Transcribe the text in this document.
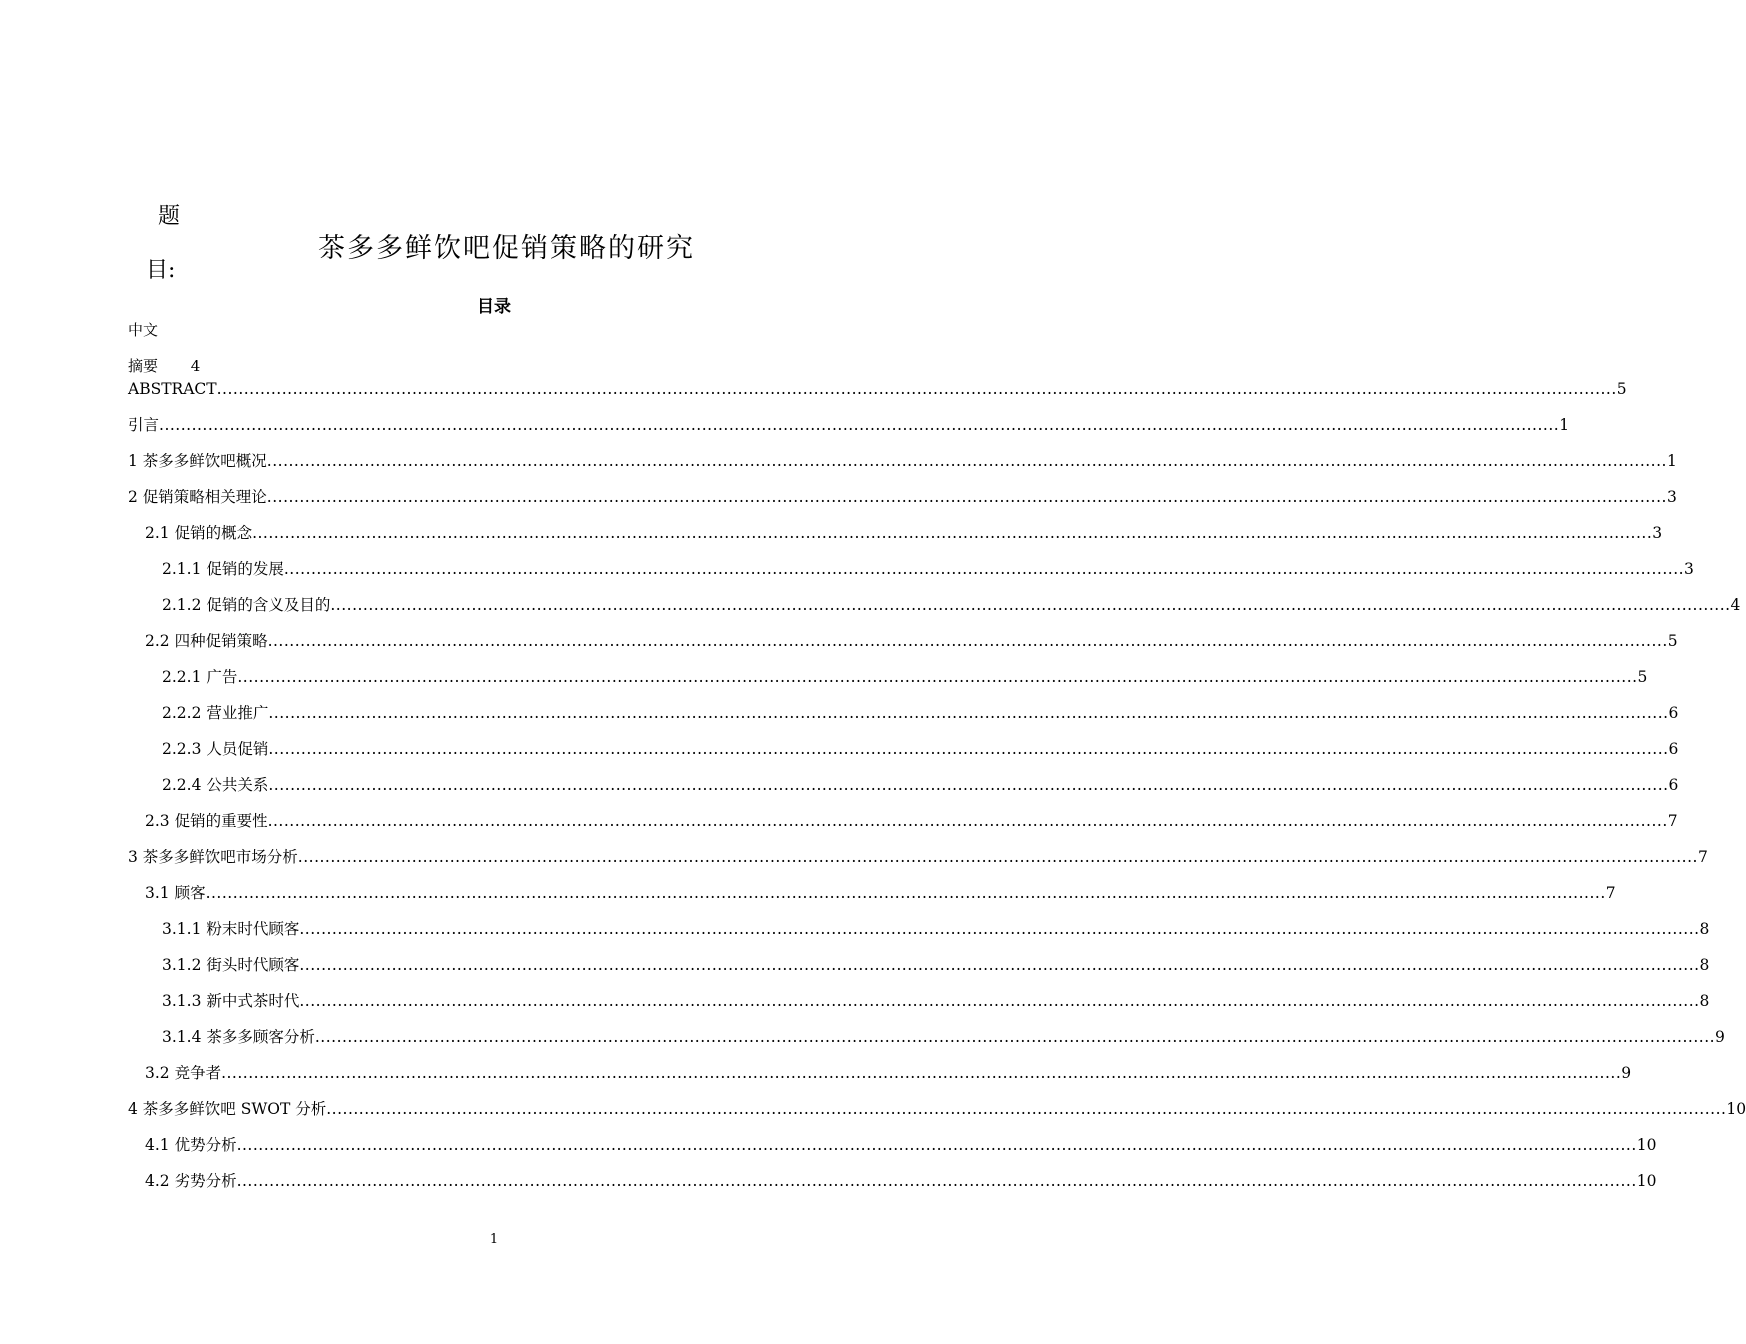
题
目:
茶多多鲜饮吧促销策略的研究
目录
中文
摘要 4
ABSTRACT .................................................................................................................................................................................................................................................................. 5
引言 .................................................................................................................................................................................................................................................................. 1
1 茶多多鲜饮吧概况 .................................................................................................................................................................................................................................................................. 1
2 促销策略相关理论 .................................................................................................................................................................................................................................................................. 3
2.1 促销的概念 .................................................................................................................................................................................................................................................................. 3
2.1.1 促销的发展 .................................................................................................................................................................................................................................................................. 3
2.1.2 促销的含义及目的 .................................................................................................................................................................................................................................................................. 4
2.2 四种促销策略 .................................................................................................................................................................................................................................................................. 5
2.2.1 广告 .................................................................................................................................................................................................................................................................. 5
2.2.2 营业推广 .................................................................................................................................................................................................................................................................. 6
2.2.3 人员促销 .................................................................................................................................................................................................................................................................. 6
2.2.4 公共关系 .................................................................................................................................................................................................................................................................. 6
2.3 促销的重要性 .................................................................................................................................................................................................................................................................. 7
3 茶多多鲜饮吧市场分析 .................................................................................................................................................................................................................................................................. 7
3.1 顾客 .................................................................................................................................................................................................................................................................. 7
3.1.1 粉末时代顾客 .................................................................................................................................................................................................................................................................. 8
3.1.2 街头时代顾客 .................................................................................................................................................................................................................................................................. 8
3.1.3 新中式茶时代 .................................................................................................................................................................................................................................................................. 8
3.1.4 茶多多顾客分析 .................................................................................................................................................................................................................................................................. 9
3.2 竞争者 .................................................................................................................................................................................................................................................................. 9
4 茶多多鲜饮吧 SWOT 分析 .................................................................................................................................................................................................................................................................. 10
4.1 优势分析 .................................................................................................................................................................................................................................................................. 10
4.2 劣势分析 .................................................................................................................................................................................................................................................................. 10
1
